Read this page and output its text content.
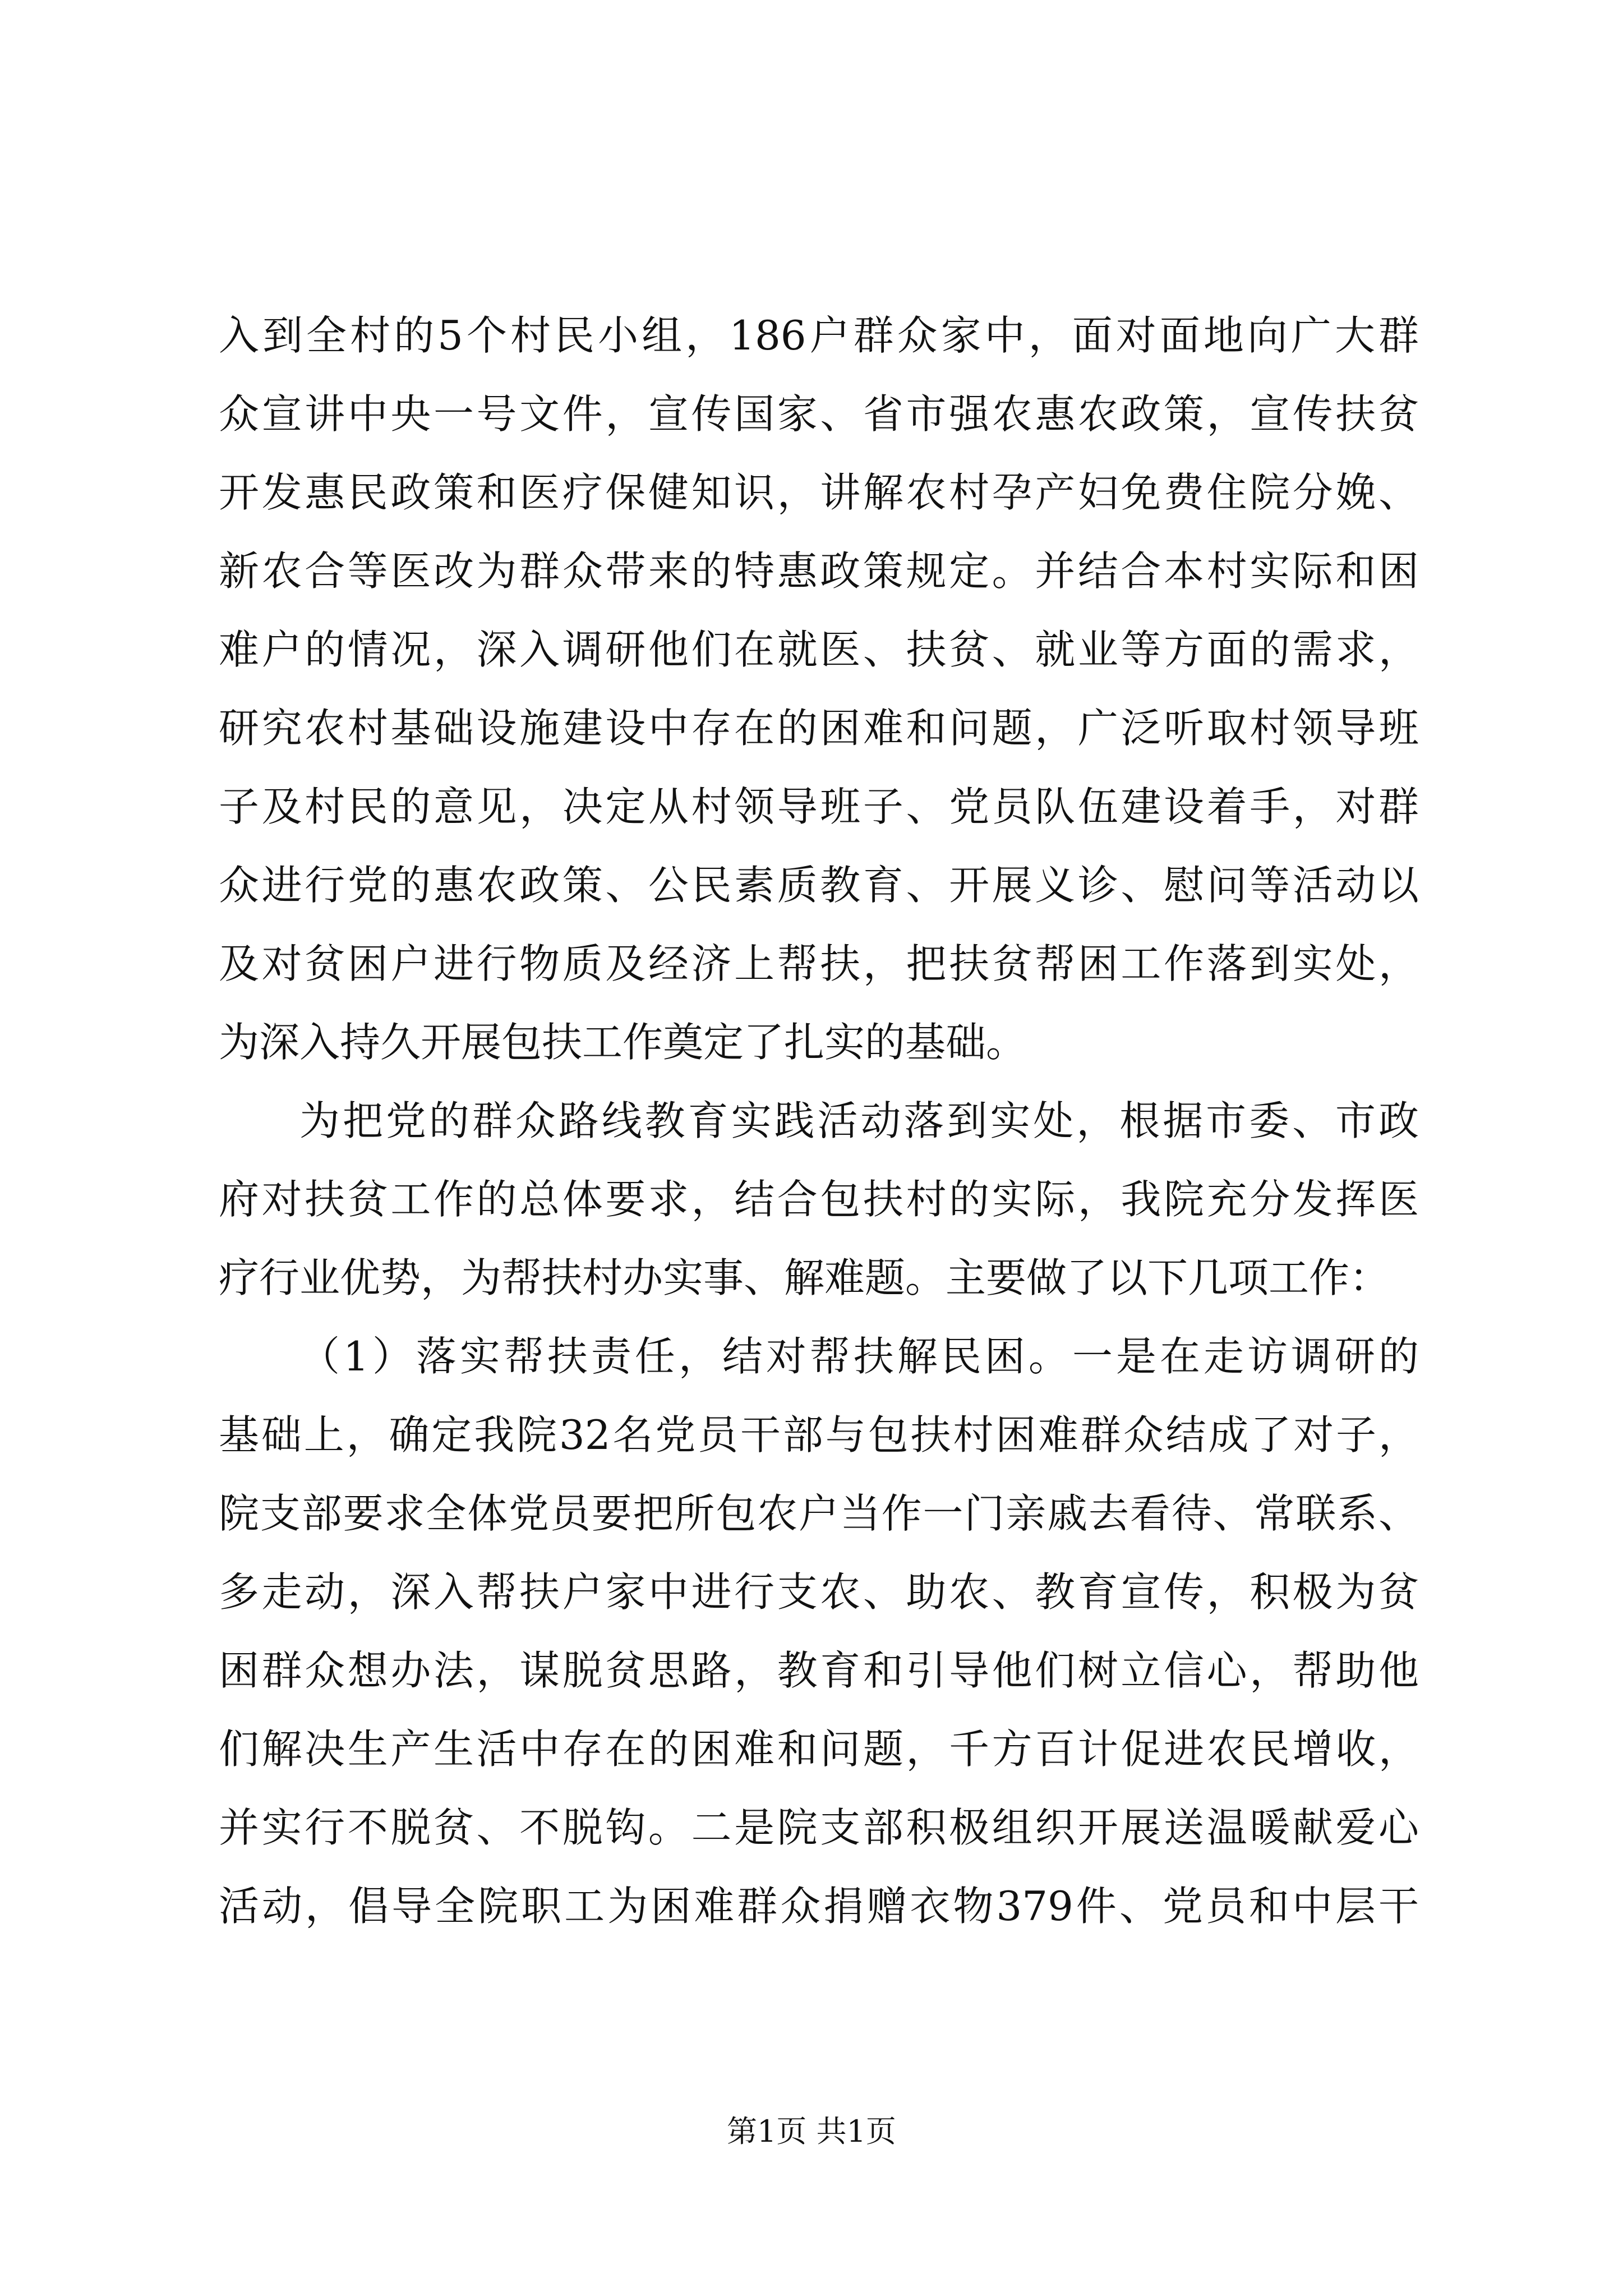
入到全村的5个村民小组，186户群众家中，面对面地向广大群
众宣讲中央一号文件，宣传国家、省市强农惠农政策，宣传扶贫
开发惠民政策和医疗保健知识，讲解农村孕产妇免费住院分娩、
新农合等医改为群众带来的特惠政策规定。并结合本村实际和困
难户的情况，深入调研他们在就医、扶贫、就业等方面的需求，
研究农村基础设施建设中存在的困难和问题，广泛听取村领导班
子及村民的意见，决定从村领导班子、党员队伍建设着手，对群
众进行党的惠农政策、公民素质教育、开展义诊、慰问等活动以
及对贫困户进行物质及经济上帮扶，把扶贫帮困工作落到实处，
为深入持久开展包扶工作奠定了扎实的基础。
为把党的群众路线教育实践活动落到实处，根据市委、市政
府对扶贫工作的总体要求，结合包扶村的实际，我院充分发挥医
疗行业优势，为帮扶村办实事、解难题。主要做了以下几项工作：
（1）落实帮扶责任，结对帮扶解民困。一是在走访调研的
基础上，确定我院32名党员干部与包扶村困难群众结成了对子，
院支部要求全体党员要把所包农户当作一门亲戚去看待、常联系、
多走动，深入帮扶户家中进行支农、助农、教育宣传，积极为贫
困群众想办法，谋脱贫思路，教育和引导他们树立信心，帮助他
们解决生产生活中存在的困难和问题，千方百计促进农民增收，
并实行不脱贫、不脱钩。二是院支部积极组织开展送温暖献爱心
活动，倡导全院职工为困难群众捐赠衣物379件、党员和中层干
第1页 共1页
